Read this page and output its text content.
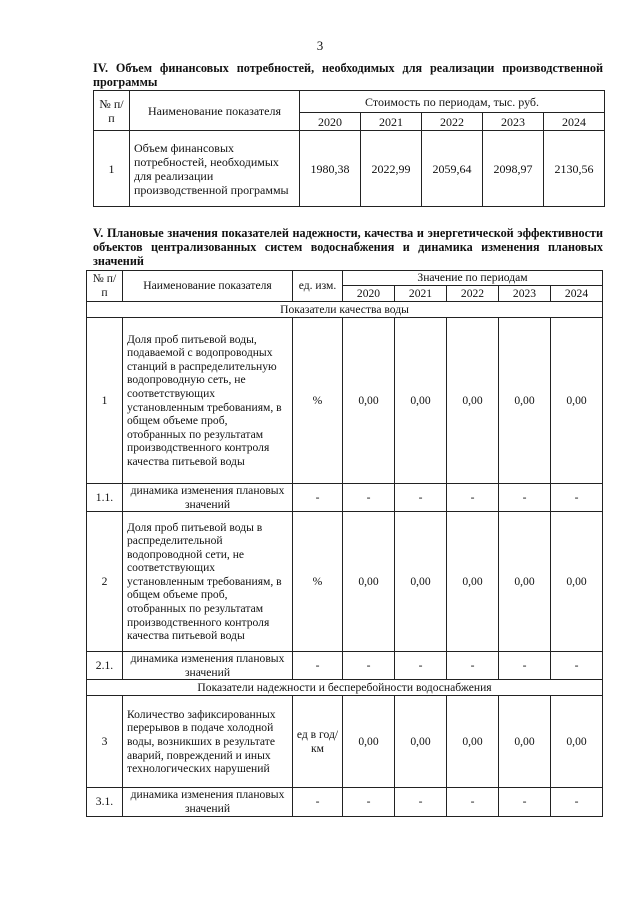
3
IV. Объем финансовых потребностей, необходимых для реализации производственной программы
№ п/п	Наименование показателя	Стоимость по периодам, тыс. руб.				
		2020	2021	2022	2023	2024
1	Объем финансовых потребностей, необходимых для реализации производственной программы	1980,38	2022,99	2059,64	2098,97	2130,56
V. Плановые значения показателей надежности, качества и энергетической эффективности объектов централизованных систем водоснабжения и динамика изменения плановых значений
№ п/п	Наименование показателя	ед. изм.	Значение по периодам				
			2020	2021	2022	2023	2024
Показатели качества воды							
1	Доля проб питьевой воды, подаваемой с водопроводных станций в распределительную водопроводную сеть, не соответствующих установленным требованиям, в общем объеме проб, отобранных по результатам производственного контроля качества питьевой воды	%	0,00	0,00	0,00	0,00	0,00
1.1.	динамика изменения плановых значений	-	-	-	-	-	-
2	Доля проб питьевой воды в распределительной водопроводной сети, не соответствующих установленным требованиям, в общем объеме проб, отобранных по результатам производственного контроля качества питьевой воды	%	0,00	0,00	0,00	0,00	0,00
2.1.	динамика изменения плановых значений	-	-	-	-	-	-
Показатели надежности и бесперебойности водоснабжения							
3	Количество зафиксированных перерывов в подаче холодной воды, возникших в результате аварий, повреждений и иных технологических нарушений	ед в год/ км	0,00	0,00	0,00	0,00	0,00
3.1.	динамика изменения плановых значений	-	-	-	-	-	-
